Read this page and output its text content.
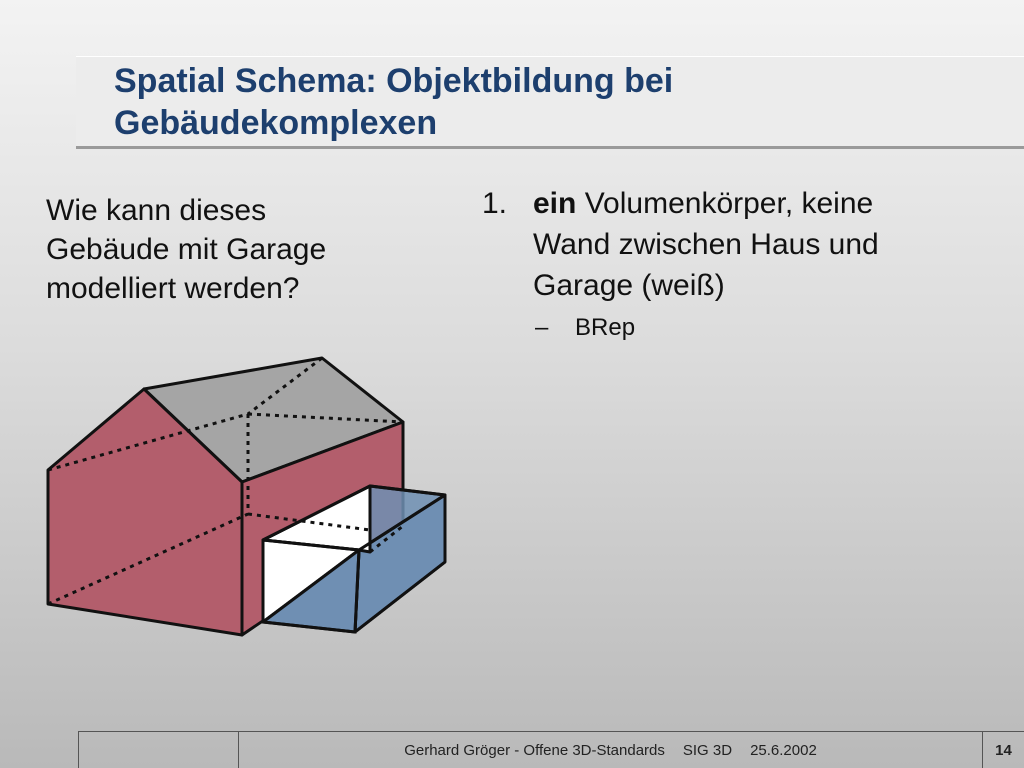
Spatial Schema: Objektbildung bei
Gebäudekomplexen
Wie kann dieses
Gebäude mit Garage
modelliert werden?
1. ein Volumenkörper, keine
Wand zwischen Haus und
Garage (weiß)
– BRep
Gerhard Gröger - Offene 3D-Standards SIG 3D 25.6.2002	14
